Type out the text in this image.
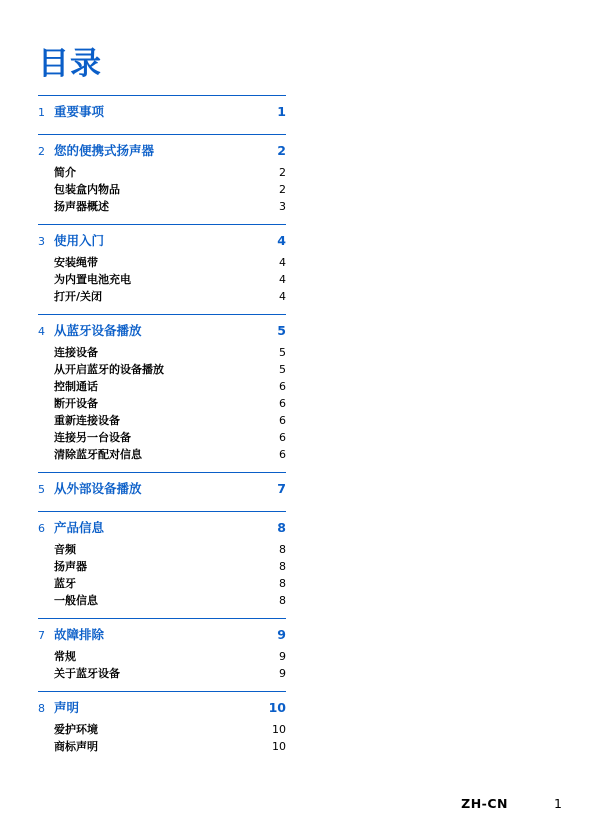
目录
1 重要事项	1
2 您的便携式扬声器	2
简介	2
包装盒内物品	2
扬声器概述	3
3 使用入门	4
安装绳带	4
为内置电池充电	4
打开/关闭	4
4 从蓝牙设备播放	5
连接设备	5
从开启蓝牙的设备播放	5
控制通话	6
断开设备	6
重新连接设备	6
连接另一台设备	6
清除蓝牙配对信息	6
5 从外部设备播放	7
6 产品信息	8
音频	8
扬声器	8
蓝牙	8
一般信息	8
7 故障排除	9
常规	9
关于蓝牙设备	9
8 声明	10
爱护环境	10
商标声明	10
ZH-CN	1
